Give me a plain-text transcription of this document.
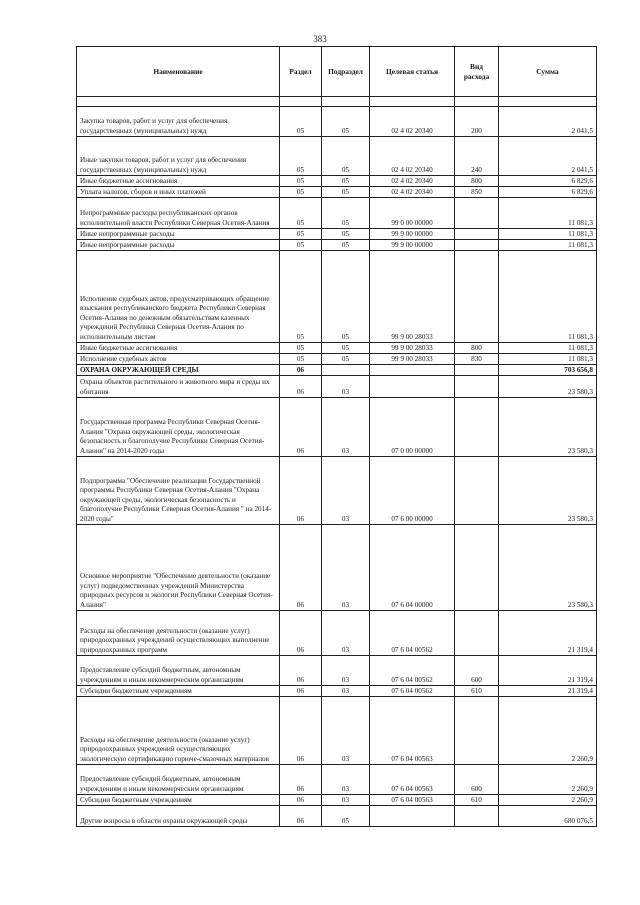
383
Наименование	Раздел	Подраздел	Целевая статья	Вид расхода	Сумма

Закупка товаров, работ и услуг для обеспечения государственных (муниципальных) нужд	05	05	02 4 02 20340	200	2 041,5
Иные закупки товаров, работ и услуг для обеспечения государственных (муниципальных) нужд	05	05	02 4 02 20340	240	2 041,5
Иные бюджетные ассигнования	05	05	02 4 02 20340	800	6 829,6
Уплата налогов, сборов и иных платежей	05	05	02 4 02 20340	850	6 829,6
Непрограммные расходы республиканских органов исполнительной власти Республики Северная Осетия-Алания	05	05	99 0 00 00000		11 081,3
Иные непрограммные расходы	05	05	99 9 00 00000		11 081,3
Иные непрограммные расходы	05	05	99 9 00 00000		11 081,3
Исполнение судебных актов, предусматривающих обращение взыскания республиканского бюджета Республики Северная Осетия-Алания по денежным обязательствам казенных учреждений Республики Северная Осетия-Алания по исполнительным листам	05	05	99 9 00 28033		11 081,3
Иные бюджетные ассигнования	05	05	99 9 00 28033	800	11 081,3
Исполнение судебных актов	05	05	99 9 00 28033	830	11 081,3
ОХРАНА ОКРУЖАЮЩЕЙ СРЕДЫ	06				703 656,8
Охрана объектов растительного и животного мира и среды их обитания	06	03			23 580,3
Государственная программа Республики Северная Осетия-Алания "Охрана окружающей среды, экологическая безопасность и благополучие Республики Северная Осетия-Алания" на 2014-2020 годы	06	03	07 0 00 00000		23 580,3
Подпрограмма "Обеспечение реализации Государственной программы Республики Северная Осетия-Алания "Охрана окружающей среды, экологическая безопасность и благополучие Республики Северная Осетия-Алания " на 2014-2020 годы"	06	03	07 6 00 00000		23 580,3
Основное мероприятие "Обеспечение деятельности (оказание услуг) подведомственных учреждений Министерства природных ресурсов и экологии Республики Северная Осетия-Алания"	06	03	07 6 04 00000		23 580,3
Расходы на обеспечение деятельности (оказание услуг) природоохранных учреждений осуществляющих выполнение природоохранных программ	06	03	07 6 04 00562		21 319,4
Предоставление субсидий бюджетным, автономным учреждениям и иным некоммерческим организациям	06	03	07 6 04 00562	600	21 319,4
Субсидии бюджетным учреждениям	06	03	07 6 04 00562	610	21 319,4
Расходы на обеспечение деятельности (оказание услуг) природоохранных учреждений осуществляющих экологическую сертификацию горюче-смазочных материалов	06	03	07 6 04 00563		2 260,9
Предоставление субсидий бюджетным, автономным учреждениям и иным некоммерческим организациям	06	03	07 6 04 00563	600	2 260,9
Субсидии бюджетным учреждениям	06	03	07 6 04 00563	610	2 260,9
Другие вопросы в области охраны окружающей среды	06	05			680 076,5
